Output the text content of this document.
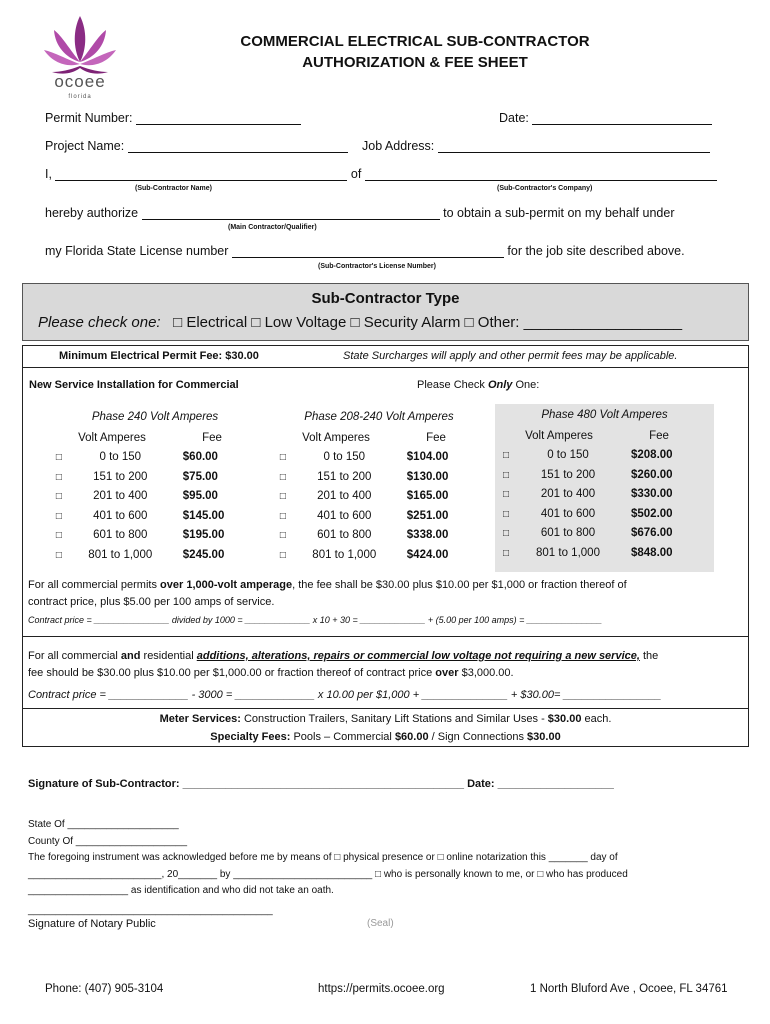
ocoee
florida
COMMERCIAL ELECTRICAL SUB-CONTRACTOR
AUTHORIZATION & FEE SHEET
Permit Number:	Date:
Project Name:	Job Address:
I,	of
(Sub-Contractor Name)	(Sub-Contractor's Company)
hereby authorize	to obtain a sub-permit on my behalf under
(Main Contractor/Qualifier)
my Florida State License number	for the job site described above.
(Sub-Contractor's License Number)
Sub-Contractor Type
Please check one: □ Electrical □ Low Voltage □ Security Alarm □ Other: ___________________
Minimum Electrical Permit Fee: $30.00	State Surcharges will apply and other permit fees may be applicable.
New Service Installation for Commercial	Please Check Only One:
Phase 240 Volt Amperes
Volt Amperes	Fee
□	0 to 150	$60.00
□	151 to 200	$75.00
□	201 to 400	$95.00
□	401 to 600	$145.00
□	601 to 800	$195.00
□	801 to 1,000	$245.00
Phase 208-240 Volt Amperes
Volt Amperes	Fee
□	0 to 150	$104.00
□	151 to 200	$130.00
□	201 to 400	$165.00
□	401 to 600	$251.00
□	601 to 800	$338.00
□	801 to 1,000	$424.00
Phase 480 Volt Amperes
Volt Amperes	Fee
□	0 to 150	$208.00
□	151 to 200	$260.00
□	201 to 400	$330.00
□	401 to 600	$502.00
□	601 to 800	$676.00
□	801 to 1,000	$848.00
For all commercial permits over 1,000-volt amperage, the fee shall be $30.00 plus $10.00 per $1,000 or fraction thereof of
contract price, plus $5.00 per 100 amps of service.
Contract price = _______________ divided by 1000 = _____________ x 10 + 30 = _____________ + (5.00 per 100 amps) = _______________
For all commercial and residential additions, alterations, repairs or commercial low voltage not requiring a new service, the
fee should be $30.00 plus $10.00 per $1,000.00 or fraction thereof of contract price over $3,000.00.
Contract price = _____________ - 3000 = _____________ x 10.00 per $1,000 + ______________ + $30.00= ________________
Meter Services: Construction Trailers, Sanitary Lift Stations and Similar Uses - $30.00 each.
Specialty Fees: Pools – Commercial $60.00 / Sign Connections $30.00
Signature of Sub-Contractor: ______________________________________________ Date: ___________________
State Of ____________________
County Of ____________________
The foregoing instrument was acknowledged before me by means of □ physical presence or □ online notarization this _______ day of
________________________, 20_______ by _________________________ □ who is personally known to me, or □ who has produced
__________________ as identification and who did not take an oath.
____________________________________________
Signature of Notary Public	(Seal)
Phone: (407) 905-3104	https://permits.ocoee.org	1 North Bluford Ave , Ocoee, FL 34761
